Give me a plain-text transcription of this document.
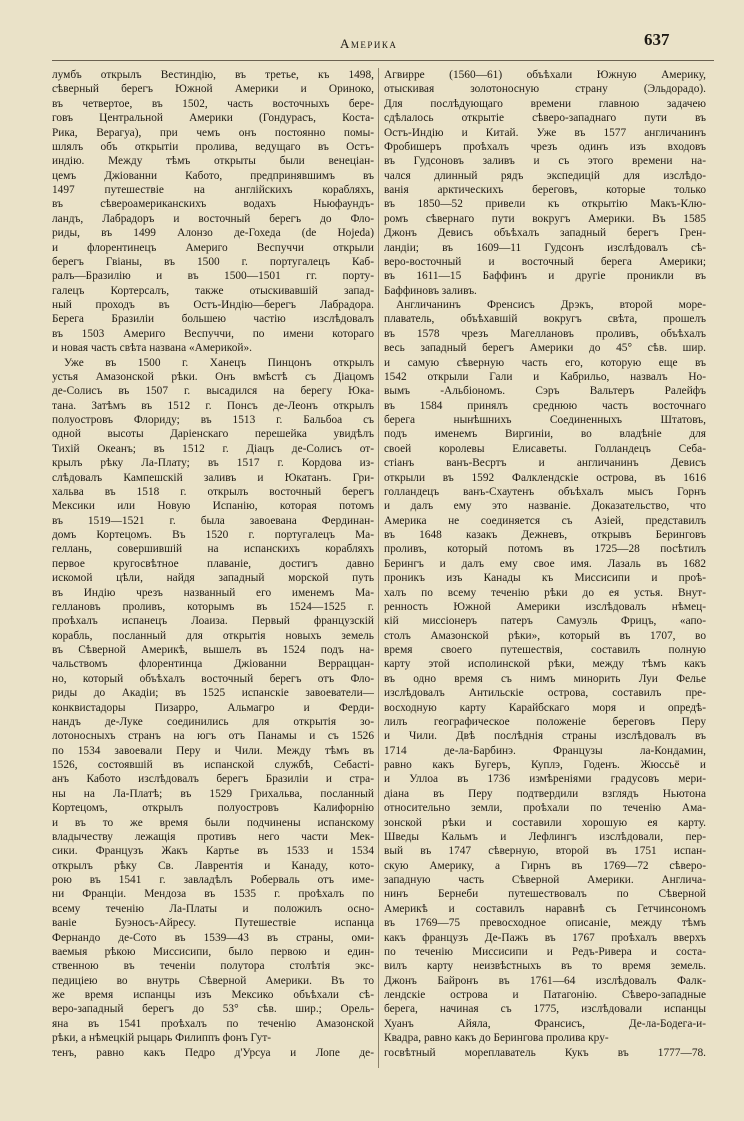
Америка	637
лумбъ открылъ Вестиндію, въ третье, къ 1498,
сѣверный берегъ Южной Америки и Ориноко,
въ четвертое, въ 1502, часть восточныхъ бере-
говъ Центральной Америки (Гондурасъ, Коста-
Рика, Верагуа), при чемъ онъ постоянно помы-
шлялъ объ открытіи пролива, ведущаго въ Остъ-
индію. Между тѣмъ открыты были венеціан-
цемъ Джіованни Кабото, предпринявшимъ въ
1497 путешествіе на англійскихъ корабляхъ,
въ сѣвероамериканскихъ водахъ Ньюфаундъ-
ландъ, Лабрадоръ и восточный берегъ до Фло-
риды, въ 1499 Алонзо де-Гохеда (de Hojeda)
и флорентинецъ Америго Веспуччи открыли
берегъ Гвіаны, въ 1500 г. португалецъ Каб-
ралъ—Бразилію и въ 1500—1501 гг. порту-
галецъ Кортерсалъ, также отыскивавшій запад-
ный проходъ въ Остъ-Индію—берегъ Лабрадора.
Берега Бразиліи большею частію изслѣдовалъ
въ 1503 Америго Веспуччи, по имени котораго
и новая часть свѣта названа «Америкой».
Уже въ 1500 г. Ханецъ Пинцонъ открылъ
устья Амазонской рѣки. Онъ вмѣстѣ съ Діацомъ
де-Солисъ въ 1507 г. высадился на берегу Юка-
тана. Затѣмъ въ 1512 г. Понсъ де-Леонъ открылъ
полуостровъ Флориду; въ 1513 г. Бальбоа съ
одной высоты Даріенскаго перешейка увидѣлъ
Тихій Океанъ; въ 1512 г. Діацъ де-Солисъ от-
крылъ рѣку Ла-Плату; въ 1517 г. Кордова из-
слѣдовалъ Кампешскій заливъ и Юкатанъ. Гри-
хальва въ 1518 г. открылъ восточный берегъ
Мексики или Новую Испанію, которая потомъ
въ 1519—1521 г. была завоевана Фердинан-
домъ Кортецомъ. Въ 1520 г. португалецъ Ма-
геллань, совершившій на испанскихъ корабляхъ
первое кругосвѣтное плаваніе, достигъ давно
искомой цѣли, найдя западный морской путь
въ Индію чрезъ названный его именемъ Ма-
геллановъ проливъ, которымъ въ 1524—1525 г.
проѣхалъ испанецъ Лоаиза. Первый французскій
корабль, посланный для открытія новыхъ земель
въ Сѣверной Америкѣ, вышелъ въ 1524 подъ на-
чальствомъ флорентинца Джіованни Верраццан-
но, который объѣхалъ восточный берегъ отъ Фло-
риды до Акадіи; въ 1525 испанскіе завоеватели—
конквистадоры Пизарро, Альмагро и Ферди-
нандъ де-Луке соединились для открытія зо-
лотоносныхъ странъ на югъ отъ Панамы и съ 1526
по 1534 завоевали Перу и Чили. Между тѣмъ въ
1526, состоявшій въ испанской службѣ, Себасті-
анъ Кабото изслѣдовалъ берегъ Бразиліи и стра-
ны на Ла-Платѣ; въ 1529 Грихальва, посланный
Кортецомъ, открылъ полуостровъ Калифорнію
и въ то же время были подчинены испанскому
владычеству лежащія противъ него части Мек-
сики. Французъ Жакъ Картье въ 1533 и 1534
открылъ рѣку Св. Лаврентія и Канаду, кото-
рою въ 1541 г. завладѣлъ Роберваль отъ име-
ни Франціи. Мендоза въ 1535 г. проѣхалъ по
всему теченію Ла-Платы и положилъ осно-
ваніе Буэносъ-Айресу. Путешествіе испанца
Фернандо де-Сото въ 1539—43 въ страны, оми-
ваемыя рѣкою Миссисипи, было первою и един-
ственною въ теченіи полутора столѣтія экс-
педиціею во внутрь Сѣверной Америки. Въ то
же время испанцы изъ Мексико объѣхали сѣ-
веро-западный берегъ до 53° сѣв. шир.; Орель-
яна въ 1541 проѣхалъ по теченію Амазонской
рѣки, а нѣмецкій рыцарь Филиппъ фонъ Гут-
тенъ, равно какъ Педро д'Урсуа и Лопе де-
Агвирре (1560—61) объѣхали Южную Америку,
отыскивая золотоносную страну (Эльдорадо).
Для послѣдующаго времени главною задачею
сдѣлалось открытіе сѣверо-западнаго пути въ
Остъ-Индію и Китай. Уже въ 1577 англичанинъ
Фробишеръ проѣхалъ чрезъ одинъ изъ входовъ
въ Гудсоновъ заливъ и съ этого времени на-
чался длинный рядъ экспедицій для изслѣдо-
ванія арктическихъ береговъ, которые только
въ 1850—52 привели къ открытію Макъ-Клю-
ромъ сѣвернаго пути вокругъ Америки. Въ 1585
Джонъ Девисъ объѣхалъ западный берегъ Грен-
ландіи; въ 1609—11 Гудсонъ изслѣдовалъ сѣ-
веро-восточный и восточный берега Америки;
въ 1611—15 Баффинъ и другіе проникли въ
Баффиновъ заливъ.
Англичанинъ Френсисъ Дрэкъ, второй море-
плаватель, объѣхавшій вокругъ свѣта, прошелъ
въ 1578 чрезъ Магеллановъ проливъ, объѣхалъ
весь западный берегъ Америки до 45° сѣв. шир.
и самую сѣверную часть его, которую еще въ
1542 открыли Гали и Кабрильо, назвалъ Но-
вымъ -Альбіономъ. Сэръ Вальтеръ Ралейфъ
въ 1584 принялъ среднюю часть восточнаго
берега нынѣшнихъ Соединенныхъ Штатовъ,
подъ именемъ Виргиніи, во владѣніе для
своей королевы Елисаветы. Голландецъ Себа-
стіанъ ванъ-Весртъ и англичанинъ Девисъ
открыли въ 1592 Фалклендскіе острова, въ 1616
голландецъ ванъ-Схаутенъ объѣхалъ мысъ Горнъ
и далъ ему это названіе. Доказательство, что
Америка не соединяется съ Азіей, представилъ
въ 1648 казакъ Дежневъ, открывъ Беринговъ
проливъ, который потомъ въ 1725—28 посѣтилъ
Берингъ и далъ ему свое имя. Лазаль въ 1682
проникъ изъ Канады къ Миссисипи и проѣ-
халъ по всему теченію рѣки до ея устья. Внут-
ренность Южной Америки изслѣдовалъ нѣмец-
кій миссіонеръ патеръ Самуэль Фрицъ, «апо-
столъ Амазонской рѣки», который въ 1707, во
время своего путешествія, составилъ полную
карту этой исполинской рѣки, между тѣмъ какъ
въ одно время съ нимъ минорить Луи Фелье
изслѣдовалъ Антильскіе острова, составилъ пре-
восходную карту Карайбскаго моря и опредѣ-
лилъ географическое положеніе береговъ Перу
и Чили. Двѣ послѣднія страны изслѣдовалъ въ
1714 де-ла-Барбинэ. Французы ла-Кондамин,
равно какъ Бугеръ, Куплэ, Годенъ. Жюссьё и
и Уллоа въ 1736 измѣреніями градусовъ мери-
діана въ Перу подтвердили взглядъ Ньютона
относительно земли, проѣхали по теченію Ама-
зонской рѣки и составили хорошую ея карту.
Шведы Кальмъ и Лефлингъ изслѣдовали, пер-
вый въ 1747 сѣверную, второй въ 1751 испан-
скую Америку, а Гирнъ въ 1769—72 сѣверо-
западную часть Сѣверной Америки. Англича-
нинъ Бернеби путешествовалъ по Сѣверной
Америкѣ и составилъ наравнѣ съ Гетчинсономъ
въ 1769—75 превосходное описаніе, между тѣмъ
какъ французъ Де-Пажъ въ 1767 проѣхалъ вверхъ
по теченію Миссисипи и Редъ-Ривера и соста-
вилъ карту неизвѣстныхъ въ то время земель.
Джонъ Байронъ въ 1761—64 изслѣдовалъ Фалк-
лендскіе острова и Патагонію. Сѣверо-западные
берега, начиная съ 1775, изслѣдовали испанцы
Хуанъ Айяла, Франсисъ, Де-ла-Бодега-и-
Квадра, равно какъ до Беринговa пролива кру-
госвѣтный мореплаватель Кукъ въ 1777—78.
